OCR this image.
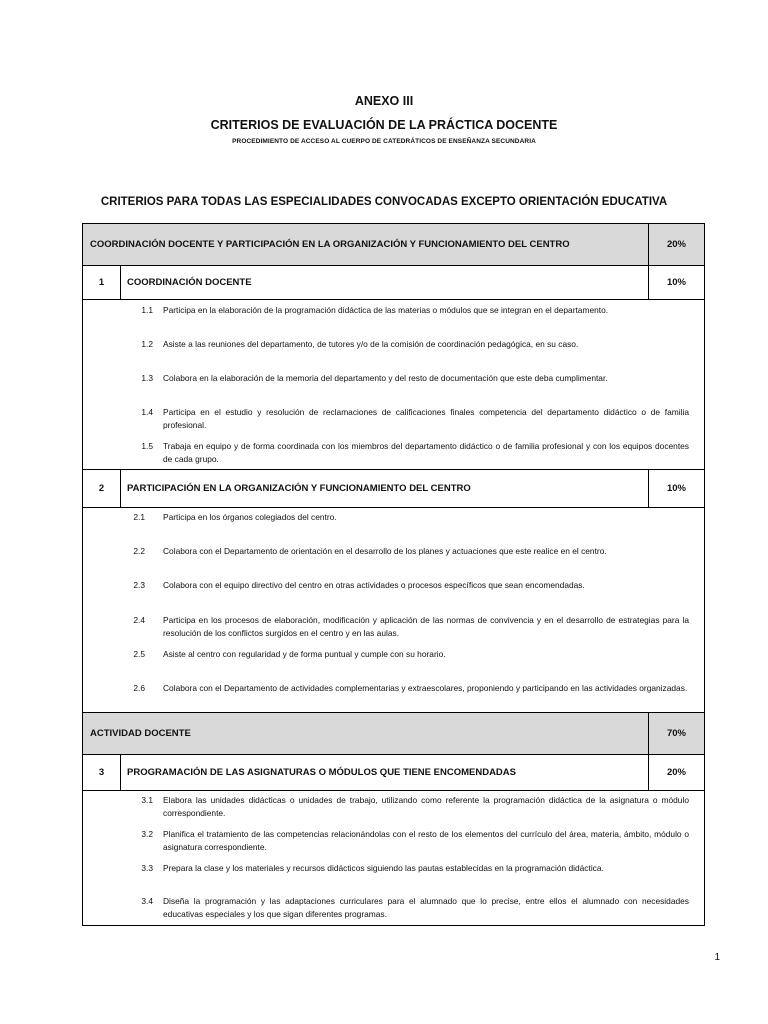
ANEXO III
CRITERIOS DE EVALUACIÓN DE LA PRÁCTICA DOCENTE
PROCEDIMIENTO DE ACCESO AL CUERPO DE CATEDRÁTICOS DE ENSEÑANZA SECUNDARIA
CRITERIOS PARA TODAS LAS ESPECIALIDADES CONVOCADAS EXCEPTO ORIENTACIÓN EDUCATIVA
COORDINACIÓN DOCENTE Y PARTICIPACIÓN EN LA ORGANIZACIÓN Y FUNCIONAMIENTO DEL CENTRO	20%
1	COORDINACIÓN DOCENTE	10%
1.1 Participa en la elaboración de la programación didáctica de las materias o módulos que se integran en el departamento.
1.2 Asiste a las reuniones del departamento, de tutores y/o de la comisión de coordinación pedagógica, en su caso.
1.3 Colabora en la elaboración de la memoria del departamento y del resto de documentación que este deba cumplimentar.
1.4 Participa en el estudio y resolución de reclamaciones de calificaciones finales competencia del departamento didáctico o de familia profesional.
1.5 Trabaja en equipo y de forma coordinada con los miembros del departamento didáctico o de familia profesional y con los equipos docentes de cada grupo.
2	PARTICIPACIÓN EN LA ORGANIZACIÓN Y FUNCIONAMIENTO DEL CENTRO	10%
2.1 Participa en los órganos colegiados del centro.
2.2 Colabora con el Departamento de orientación en el desarrollo de los planes y actuaciones que este realice en el centro.
2.3 Colabora con el equipo directivo del centro en otras actividades o procesos específicos que sean encomendadas.
2.4 Participa en los procesos de elaboración, modificación y aplicación de las normas de convivencia y en el desarrollo de estrategias para la resolución de los conflictos surgidos en el centro y en las aulas.
2.5 Asiste al centro con regularidad y de forma puntual y cumple con su horario.
2.6 Colabora con el Departamento de actividades complementarias y extraescolares, proponiendo y participando en las actividades organizadas.
ACTIVIDAD DOCENTE	70%
3	PROGRAMACIÓN DE LAS ASIGNATURAS O MÓDULOS QUE TIENE ENCOMENDADAS	20%
3.1 Elabora las unidades didácticas o unidades de trabajo, utilizando como referente la programación didáctica de la asignatura o módulo correspondiente.
3.2 Planifica el tratamiento de las competencias relacionándolas con el resto de los elementos del currículo del área, materia, ámbito, módulo o asignatura correspondiente.
3.3 Prepara la clase y los materiales y recursos didácticos siguiendo las pautas establecidas en la programación didáctica.
3.4 Diseña la programación y las adaptaciones curriculares para el alumnado que lo precise, entre ellos el alumnado con necesidades educativas especiales y los que sigan diferentes programas.
1
